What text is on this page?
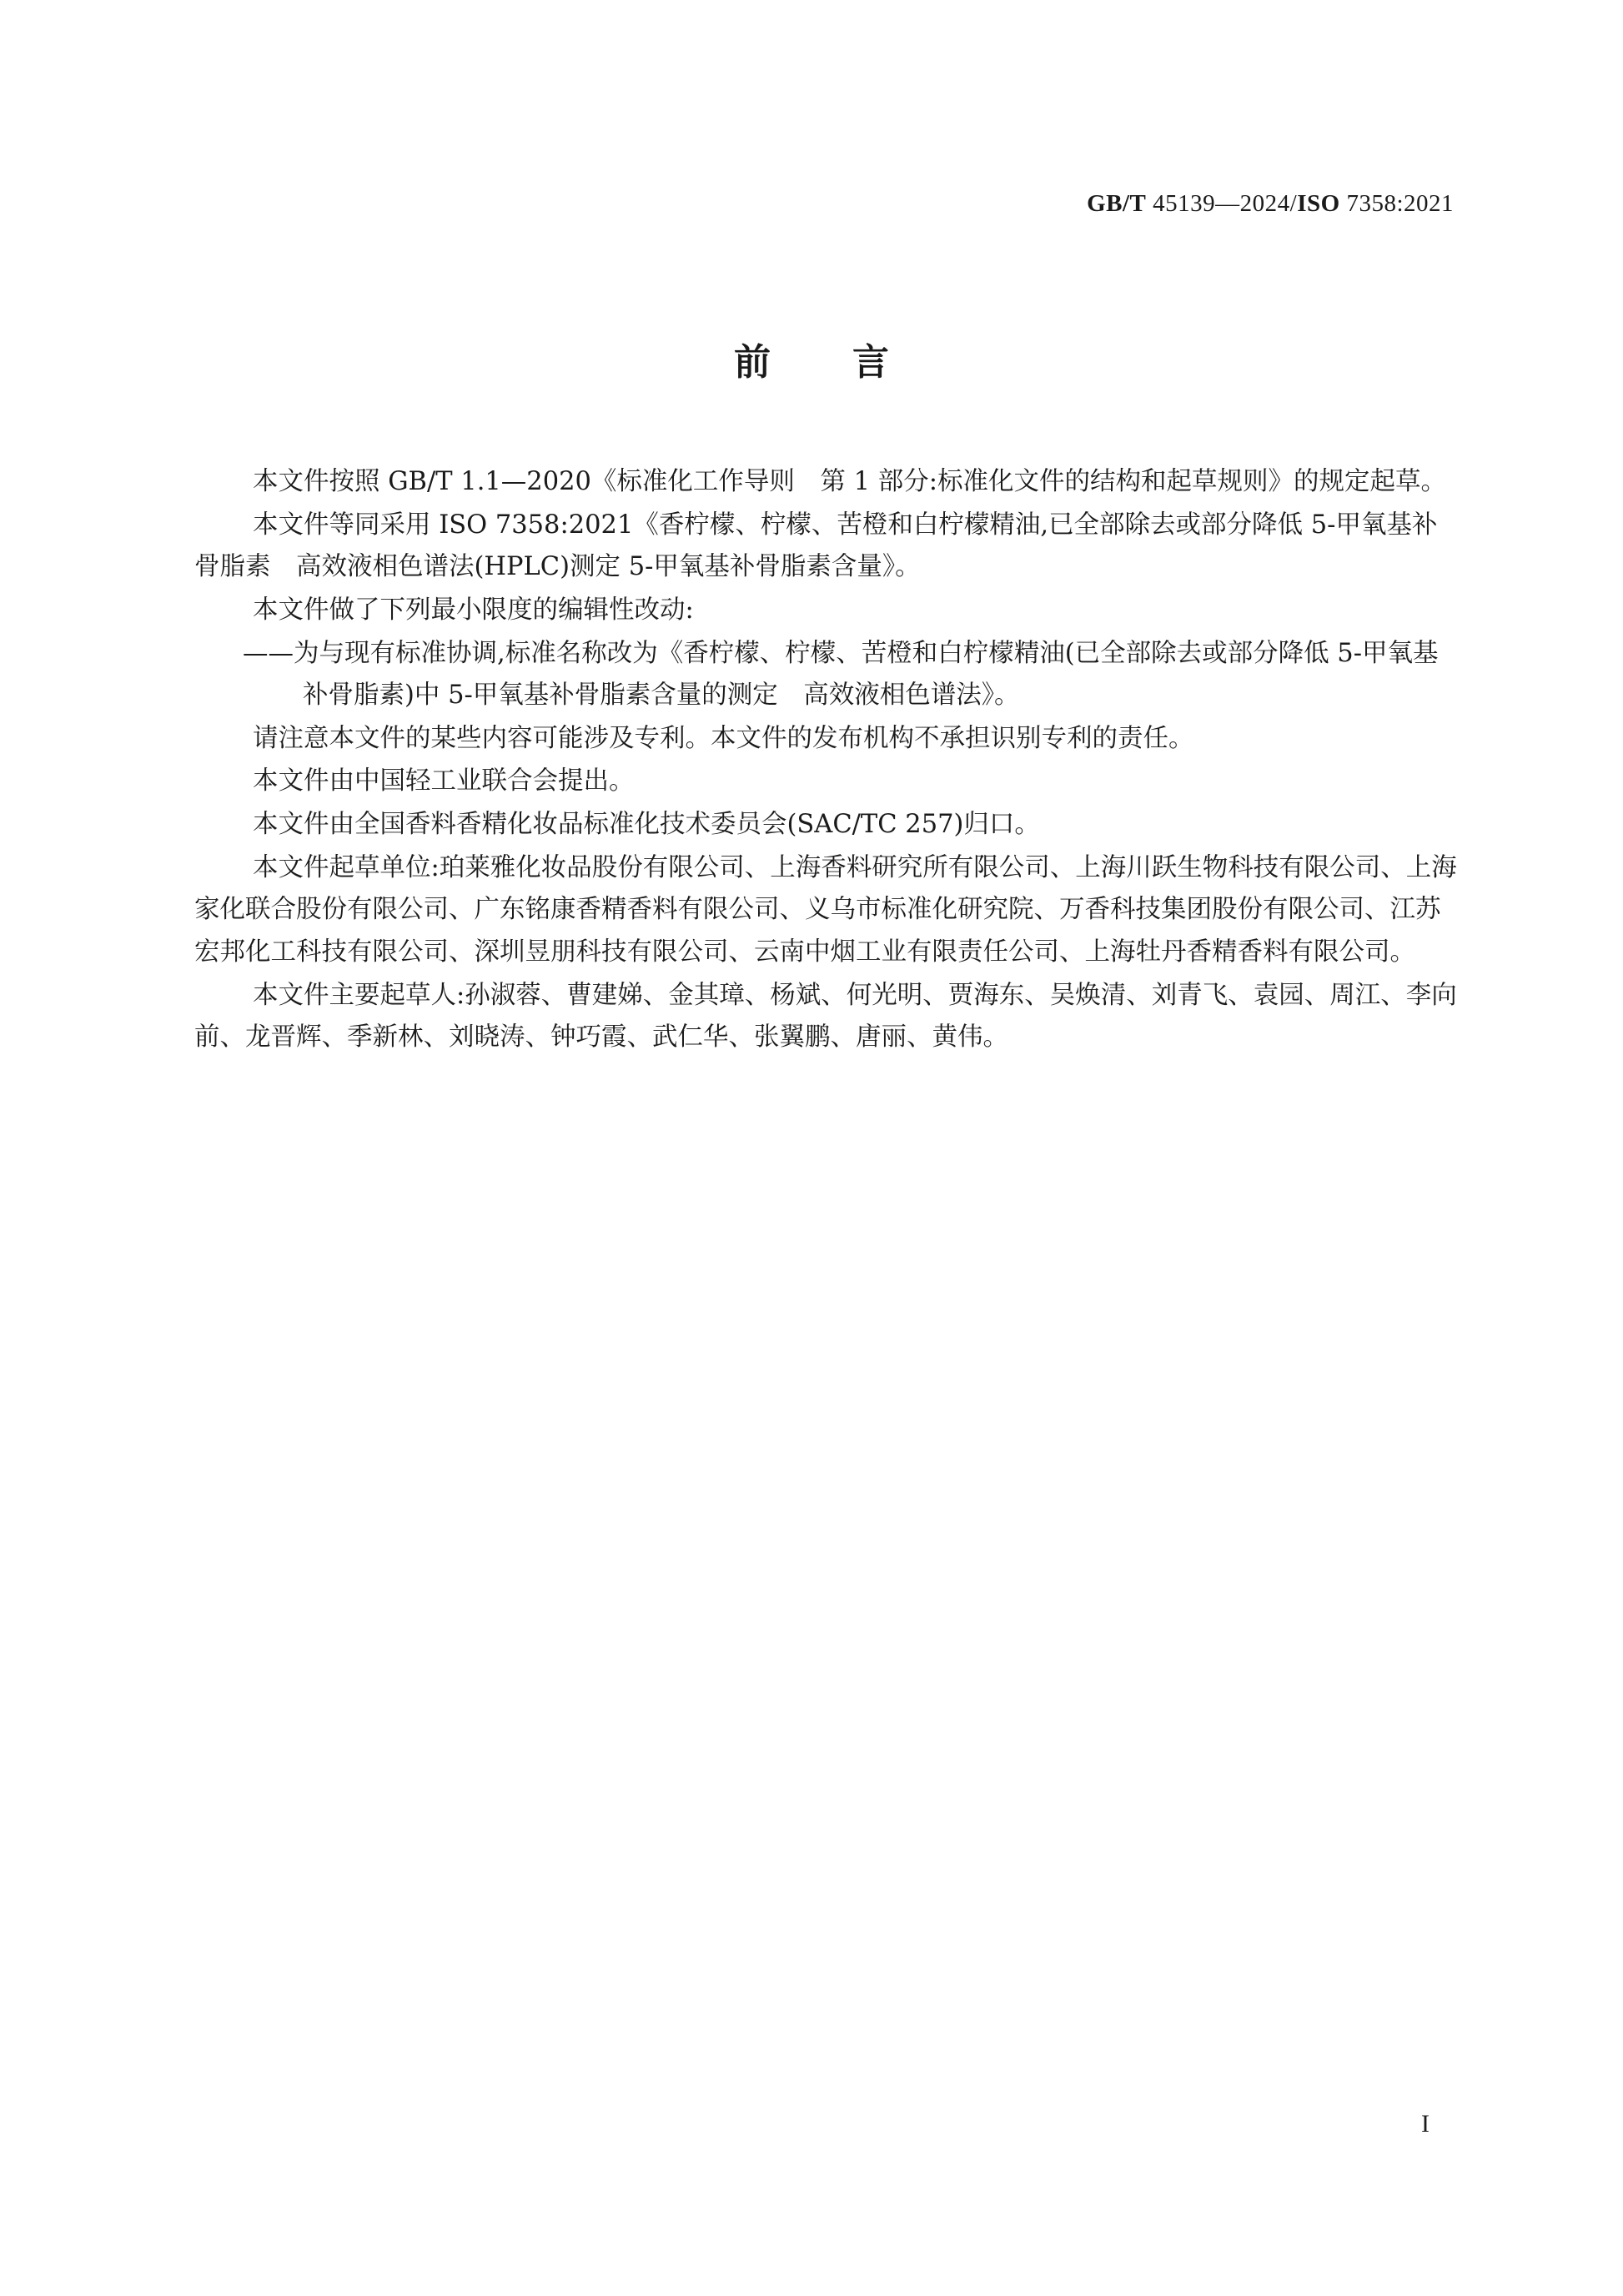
GB/T 45139—2024/ISO 7358:2021
前言

本文件按照 GB/T 1.1—2020《标准化工作导则　第 1 部分:标准化文件的结构和起草规则》的规定起草。

本文件等同采用 ISO 7358:2021《香柠檬、柠檬、苦橙和白柠檬精油,已全部除去或部分降低 5-甲氧基补骨脂素　高效液相色谱法(HPLC)测定 5-甲氧基补骨脂素含量》。

本文件做了下列最小限度的编辑性改动:

——为与现有标准协调,标准名称改为《香柠檬、柠檬、苦橙和白柠檬精油(已全部除去或部分降低 5-甲氧基补骨脂素)中 5-甲氧基补骨脂素含量的测定　高效液相色谱法》。

请注意本文件的某些内容可能涉及专利。本文件的发布机构不承担识别专利的责任。

本文件由中国轻工业联合会提出。

本文件由全国香料香精化妆品标准化技术委员会(SAC/TC 257)归口。

本文件起草单位:珀莱雅化妆品股份有限公司、上海香料研究所有限公司、上海川跃生物科技有限公司、上海家化联合股份有限公司、广东铭康香精香料有限公司、义乌市标准化研究院、万香科技集团股份有限公司、江苏宏邦化工科技有限公司、深圳昱朋科技有限公司、云南中烟工业有限责任公司、上海牡丹香精香料有限公司。

本文件主要起草人:孙淑蓉、曹建娣、金其璋、杨斌、何光明、贾海东、吴焕清、刘青飞、袁园、周江、李向前、龙晋辉、季新林、刘晓涛、钟巧霞、武仁华、张翼鹏、唐丽、黄伟。

I
